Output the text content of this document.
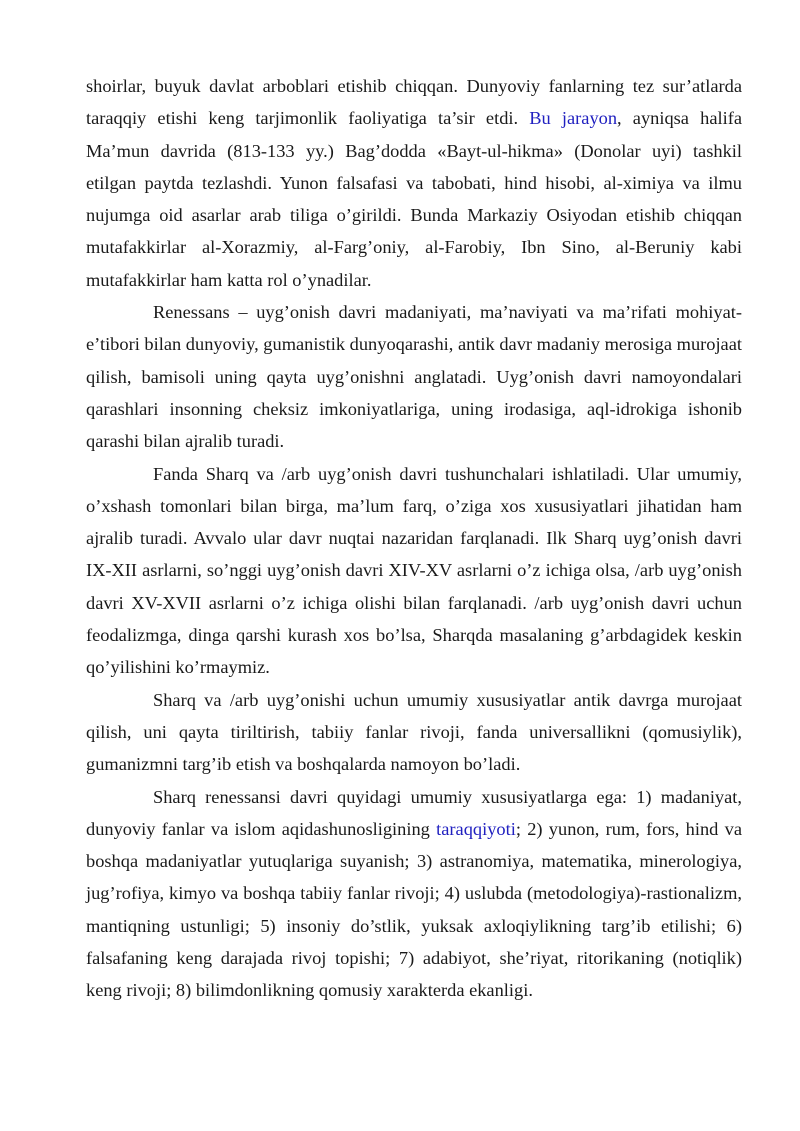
shoirlar, buyuk davlat arboblari etishib chiqqan. Dunyoviy fanlarning tez sur’atlarda taraqqiy etishi keng tarjimonlik faoliyatiga ta’sir etdi. Bu jarayon, ayniqsa halifa Ma’mun davrida (813-133 yy.) Bag’dodda «Bayt-ul-hikma» (Donolar uyi) tashkil etilgan paytda tezlashdi. Yunon falsafasi va tabobati, hind hisobi, al-ximiya va ilmu nujumga oid asarlar arab tiliga o’girildi. Bunda Markaziy Osiyodan etishib chiqqan mutafakkirlar al-Xorazmiy, al-Farg’oniy, al-Farobiy, Ibn Sino, al-Beruniy kabi mutafakkirlar ham katta rol o’ynadilar.

Renessans – uyg’onish davri madaniyati, ma’naviyati va ma’rifati mohiyat-e’tibori bilan dunyoviy, gumanistik dunyoqarashi, antik davr madaniy merosiga murojaat qilish, bamisoli uning qayta uyg’onishni anglatadi. Uyg’onish davri namoyondalari qarashlari insonning cheksiz imkoniyatlariga, uning irodasiga, aql-idrokiga ishonib qarashi bilan ajralib turadi.

Fanda Sharq va /arb uyg’onish davri tushunchalari ishlatiladi. Ular umumiy, o’xshash tomonlari bilan birga, ma’lum farq, o’ziga xos xususiyatlari jihatidan ham ajralib turadi. Avvalo ular davr nuqtai nazaridan farqlanadi. Ilk Sharq uyg’onish davri IX-XII asrlarni, so’nggi uyg’onish davri XIV-XV asrlarni o’z ichiga olsa, /arb uyg’onish davri XV-XVII asrlarni o’z ichiga olishi bilan farqlanadi. /arb uyg’onish davri uchun feodalizmga, dinga qarshi kurash xos bo’lsa, Sharqda masalaning g’arbdagidek keskin qo’yilishini ko’rmaymiz.

Sharq va /arb uyg’onishi uchun umumiy xususiyatlar antik davrga murojaat qilish, uni qayta tiriltirish, tabiiy fanlar rivoji, fanda universallikni (qomusiylik), gumanizmni targ’ib etish va boshqalarda namoyon bo’ladi.

Sharq renessansi davri quyidagi umumiy xususiyatlarga ega: 1) madaniyat, dunyoviy fanlar va islom aqidashunosligining taraqqiyoti; 2) yunon, rum, fors, hind va boshqa madaniyatlar yutuqlariga suyanish; 3) astranomiya, matematika, minerologiya, jug’rofiya, kimyo va boshqa tabiiy fanlar rivoji; 4) uslubda (metodologiya)-rastionalizm, mantiqning ustunligi; 5) insoniy do’stlik, yuksak axloqiylikning targ’ib etilishi; 6) falsafaning keng darajada rivoj topishi; 7) adabiyot, she’riyat, ritorikaning (notiqlik) keng rivoji; 8) bilimdonlikning qomusiy xarakterda ekanligi.
